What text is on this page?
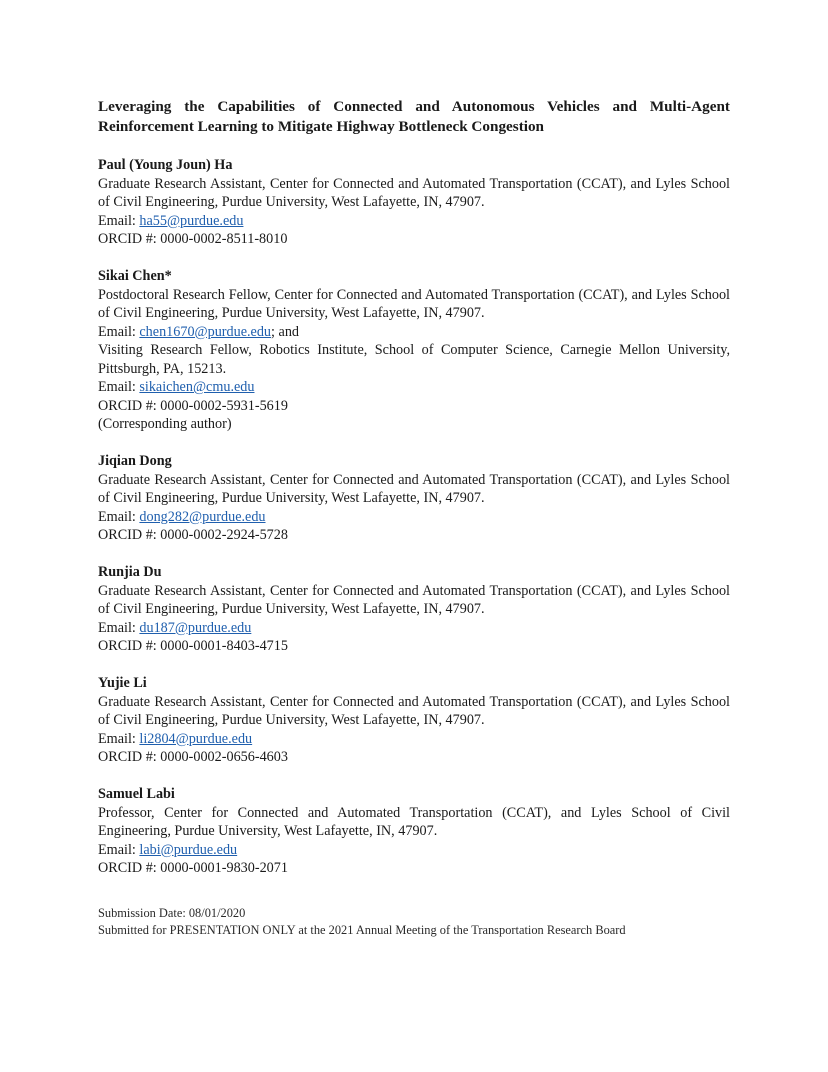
Leveraging the Capabilities of Connected and Autonomous Vehicles and Multi-Agent Reinforcement Learning to Mitigate Highway Bottleneck Congestion
Paul (Young Joun) Ha
Graduate Research Assistant, Center for Connected and Automated Transportation (CCAT), and Lyles School of Civil Engineering, Purdue University, West Lafayette, IN, 47907.
Email: ha55@purdue.edu
ORCID #: 0000-0002-8511-8010
Sikai Chen*
Postdoctoral Research Fellow, Center for Connected and Automated Transportation (CCAT), and Lyles School of Civil Engineering, Purdue University, West Lafayette, IN, 47907.
Email: chen1670@purdue.edu; and
Visiting Research Fellow, Robotics Institute, School of Computer Science, Carnegie Mellon University, Pittsburgh, PA, 15213.
Email: sikaichen@cmu.edu
ORCID #: 0000-0002-5931-5619
(Corresponding author)
Jiqian Dong
Graduate Research Assistant, Center for Connected and Automated Transportation (CCAT), and Lyles School of Civil Engineering, Purdue University, West Lafayette, IN, 47907.
Email: dong282@purdue.edu
ORCID #: 0000-0002-2924-5728
Runjia Du
Graduate Research Assistant, Center for Connected and Automated Transportation (CCAT), and Lyles School of Civil Engineering, Purdue University, West Lafayette, IN, 47907.
Email: du187@purdue.edu
ORCID #: 0000-0001-8403-4715
Yujie Li
Graduate Research Assistant, Center for Connected and Automated Transportation (CCAT), and Lyles School of Civil Engineering, Purdue University, West Lafayette, IN, 47907.
Email: li2804@purdue.edu
ORCID #: 0000-0002-0656-4603
Samuel Labi
Professor, Center for Connected and Automated Transportation (CCAT), and Lyles School of Civil Engineering, Purdue University, West Lafayette, IN, 47907.
Email: labi@purdue.edu
ORCID #: 0000-0001-9830-2071
Submission Date: 08/01/2020
Submitted for PRESENTATION ONLY at the 2021 Annual Meeting of the Transportation Research Board
